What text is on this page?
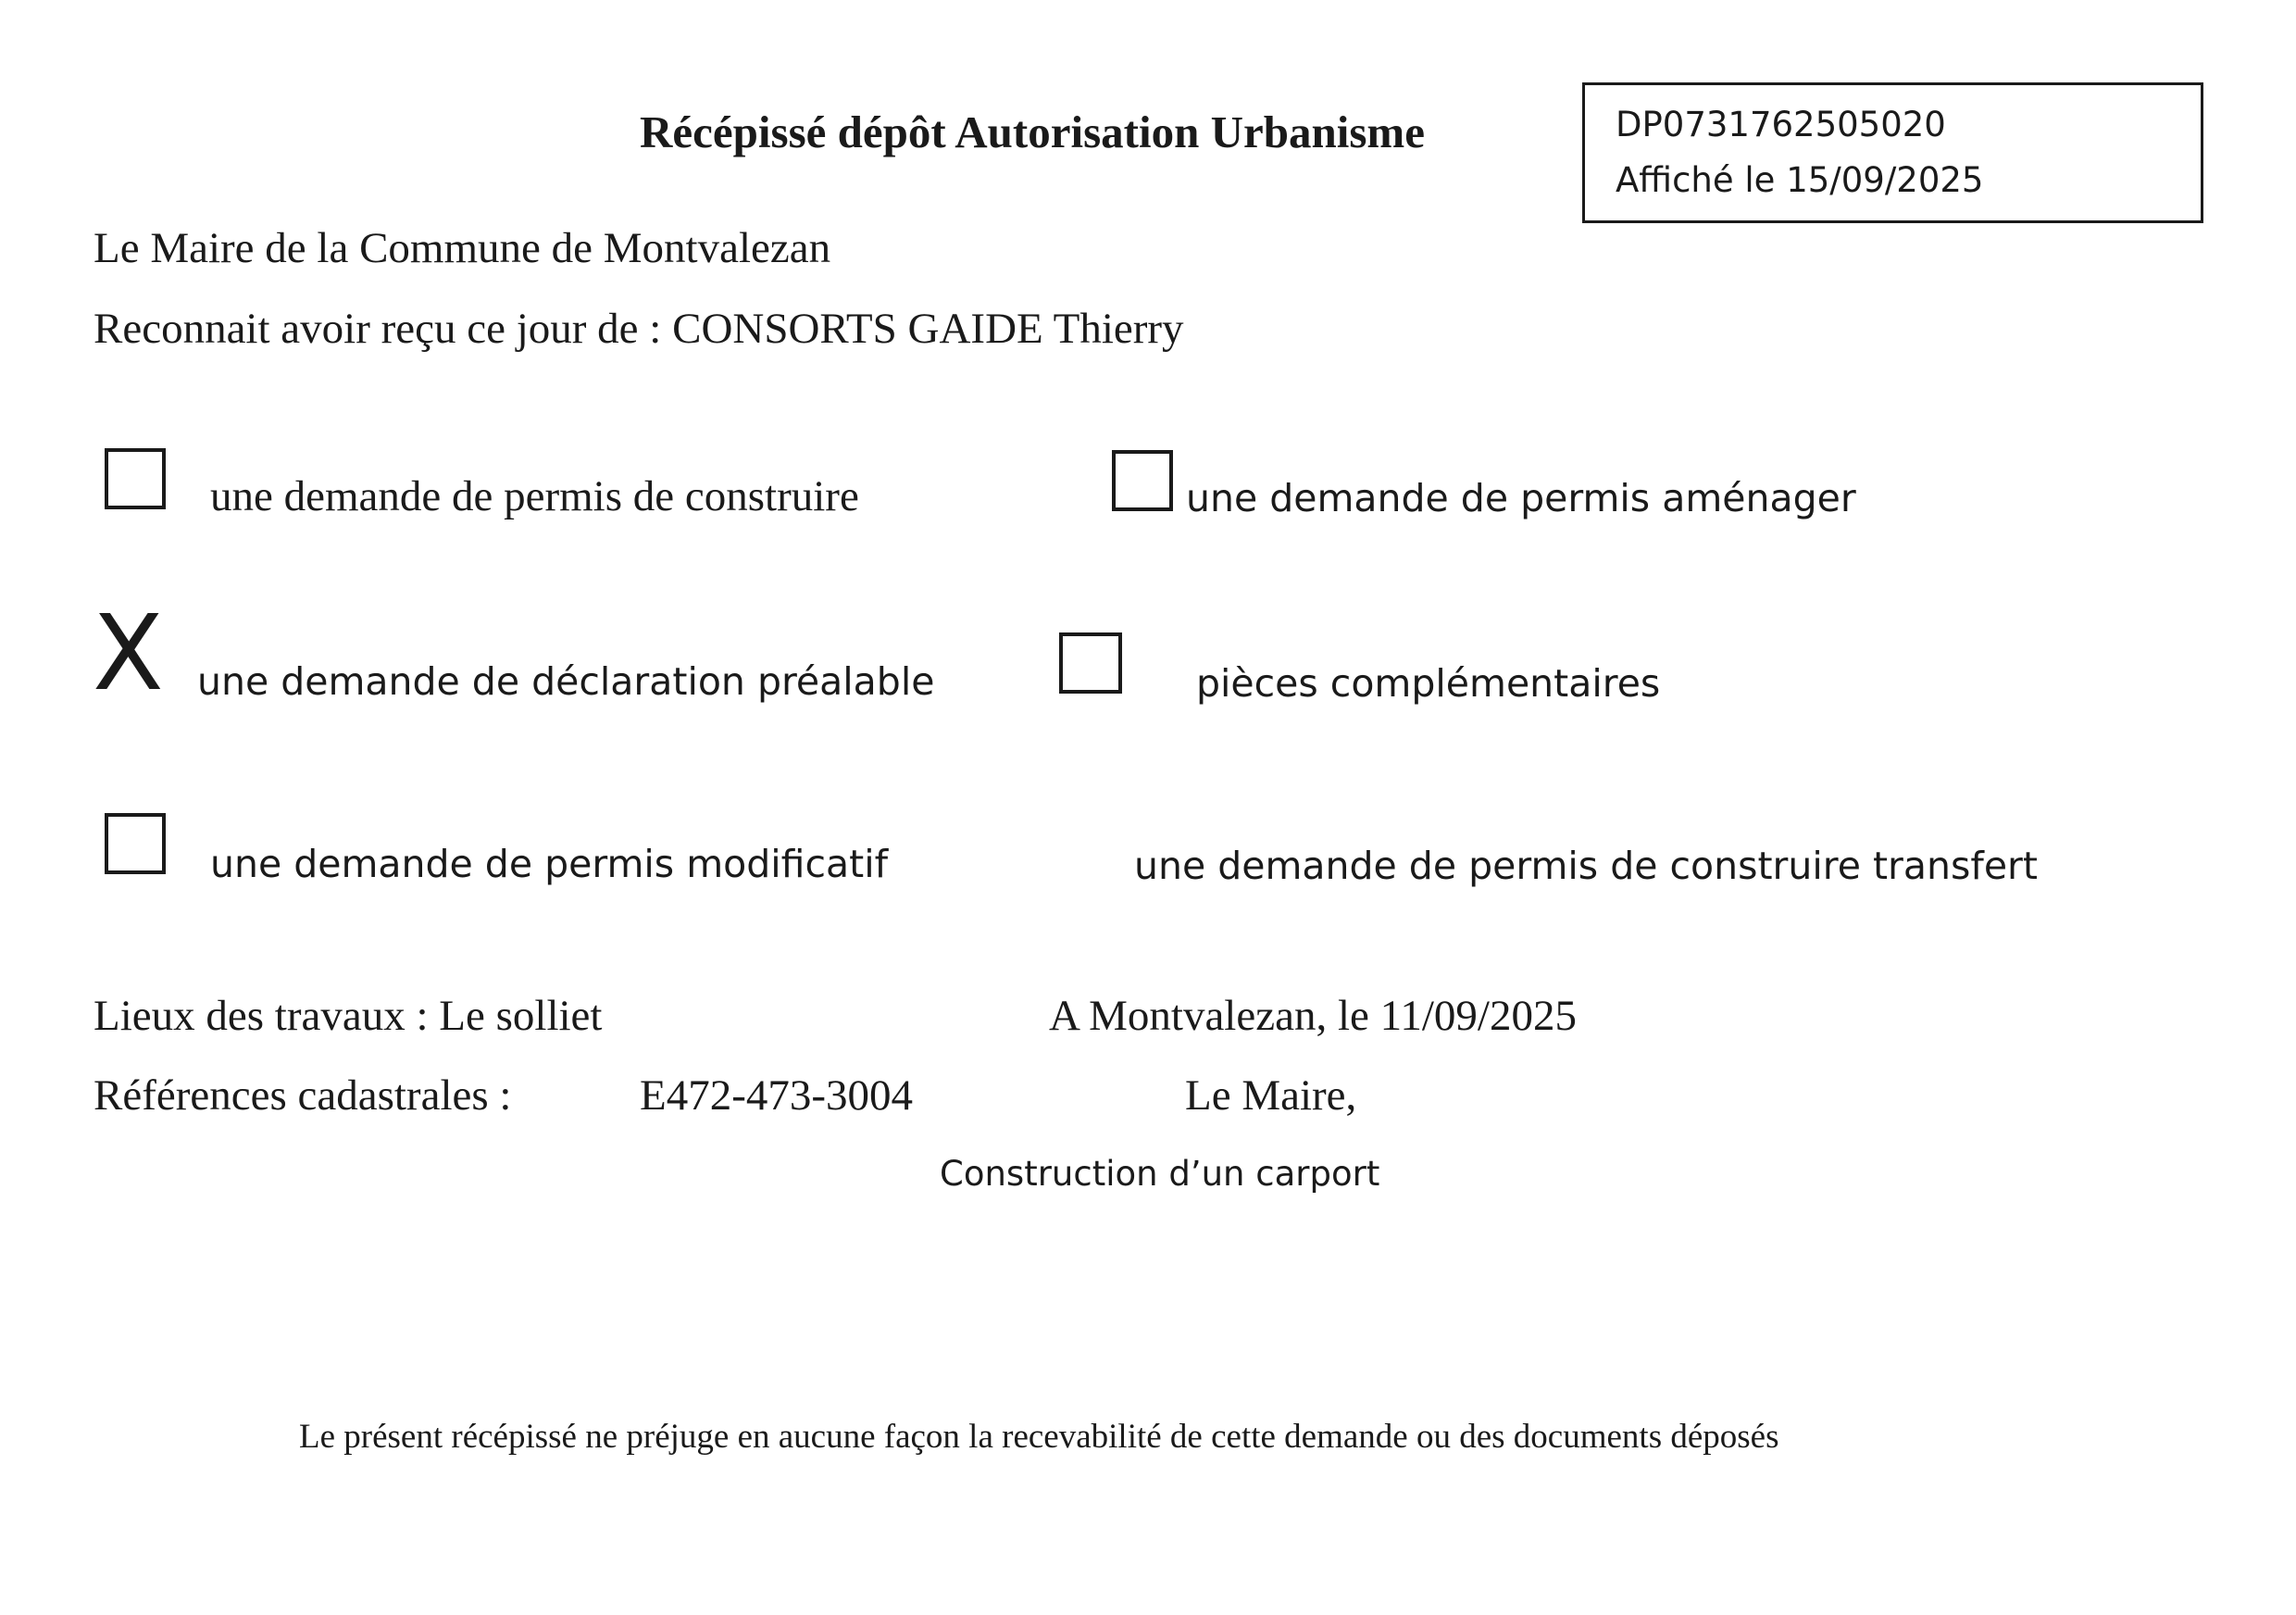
Récépissé dépôt Autorisation Urbanisme	DP0731762505020
Affiché le 15/09/2025
Le Maire de la Commune de Montvalezan
Reconnait avoir reçu ce jour de : CONSORTS GAIDE Thierry
une demande de permis de construire	une demande de permis aménager
X une demande de déclaration préalable	pièces complémentaires
une demande de permis modificatif	une demande de permis de construire transfert
Lieux des travaux : Le solliet	A Montvalezan, le 11/09/2025
Références cadastrales :	E472-473-3004	Le Maire,
Construction d’un carport
Le présent récépissé ne préjuge en aucune façon la recevabilité de cette demande ou des documents déposés
